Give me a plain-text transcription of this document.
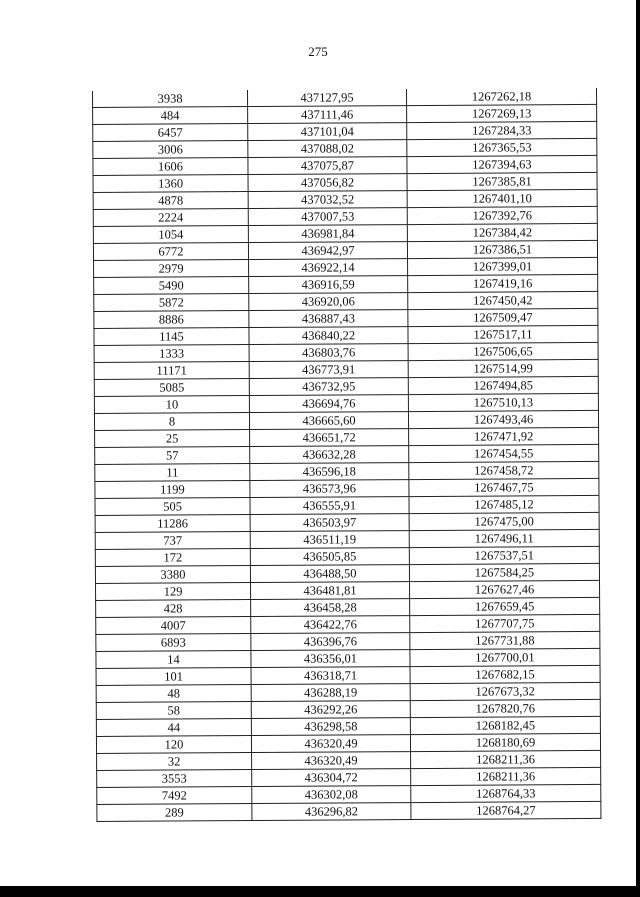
275
3938	437127,95	1267262,18
484	437111,46	1267269,13
6457	437101,04	1267284,33
3006	437088,02	1267365,53
1606	437075,87	1267394,63
1360	437056,82	1267385,81
4878	437032,52	1267401,10
2224	437007,53	1267392,76
1054	436981,84	1267384,42
6772	436942,97	1267386,51
2979	436922,14	1267399,01
5490	436916,59	1267419,16
5872	436920,06	1267450,42
8886	436887,43	1267509,47
1145	436840,22	1267517,11
1333	436803,76	1267506,65
11171	436773,91	1267514,99
5085	436732,95	1267494,85
10	436694,76	1267510,13
8	436665,60	1267493,46
25	436651,72	1267471,92
57	436632,28	1267454,55
11	436596,18	1267458,72
1199	436573,96	1267467,75
505	436555,91	1267485,12
11286	436503,97	1267475,00
737	436511,19	1267496,11
172	436505,85	1267537,51
3380	436488,50	1267584,25
129	436481,81	1267627,46
428	436458,28	1267659,45
4007	436422,76	1267707,75
6893	436396,76	1267731,88
14	436356,01	1267700,01
101	436318,71	1267682,15
48	436288,19	1267673,32
58	436292,26	1267820,76
44	436298,58	1268182,45
120	436320,49	1268180,69
32	436320,49	1268211,36
3553	436304,72	1268211,36
7492	436302,08	1268764,33
289	436296,82	1268764,27
